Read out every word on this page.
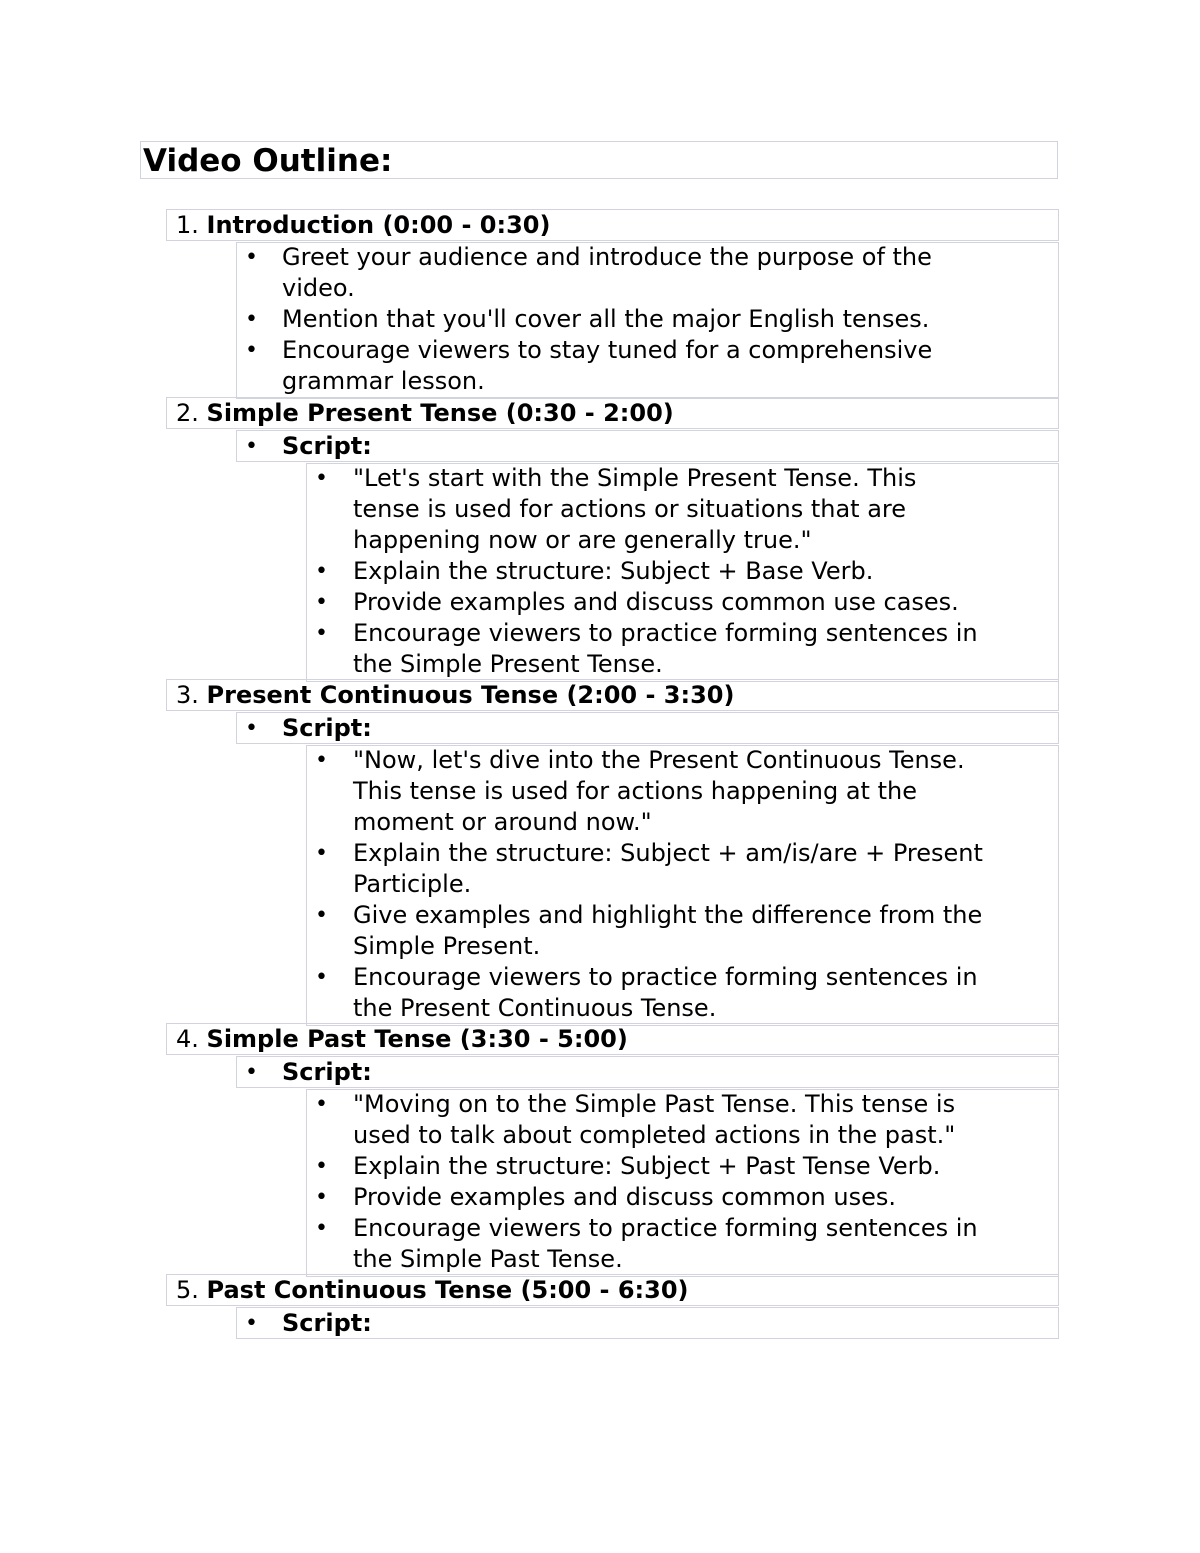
Video Outline:
1. Introduction (0:00 - 0:30)
• Greet your audience and introduce the purpose of the
video.
• Mention that you'll cover all the major English tenses.
• Encourage viewers to stay tuned for a comprehensive
grammar lesson.
2. Simple Present Tense (0:30 - 2:00)
• Script:
• "Let's start with the Simple Present Tense. This
tense is used for actions or situations that are
happening now or are generally true."
• Explain the structure: Subject + Base Verb.
• Provide examples and discuss common use cases.
• Encourage viewers to practice forming sentences in
the Simple Present Tense.
3. Present Continuous Tense (2:00 - 3:30)
• Script:
• "Now, let's dive into the Present Continuous Tense.
This tense is used for actions happening at the
moment or around now."
• Explain the structure: Subject + am/is/are + Present
Participle.
• Give examples and highlight the difference from the
Simple Present.
• Encourage viewers to practice forming sentences in
the Present Continuous Tense.
4. Simple Past Tense (3:30 - 5:00)
• Script:
• "Moving on to the Simple Past Tense. This tense is
used to talk about completed actions in the past."
• Explain the structure: Subject + Past Tense Verb.
• Provide examples and discuss common uses.
• Encourage viewers to practice forming sentences in
the Simple Past Tense.
5. Past Continuous Tense (5:00 - 6:30)
• Script:
